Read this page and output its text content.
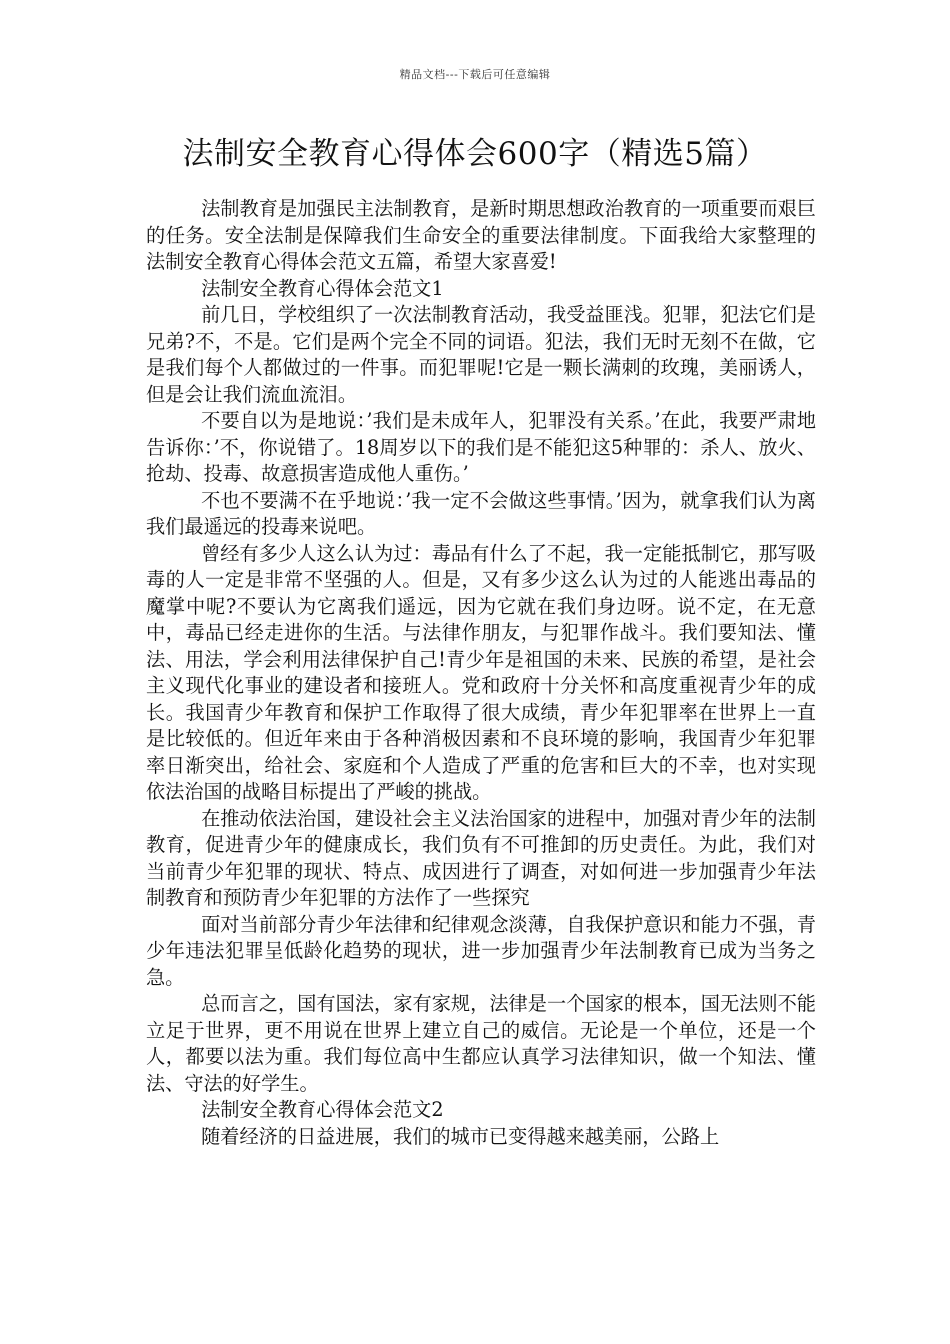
精品文档---下载后可任意编辑
法制安全教育心得体会600字（精选5篇）

法制教育是加强民主法制教育，是新时期思想政治教育的一项重要而艰巨的任务。安全法制是保障我们生命安全的重要法律制度。下面我给大家整理的法制安全教育心得体会范文五篇，希望大家喜爱!

法制安全教育心得体会范文1

前几日，学校组织了一次法制教育活动，我受益匪浅。犯罪，犯法它们是兄弟?不，不是。它们是两个完全不同的词语。犯法，我们无时无刻不在做，它是我们每个人都做过的一件事。而犯罪呢!它是一颗长满刺的玫瑰，美丽诱人，但是会让我们流血流泪。

不要自以为是地说：’我们是未成年人，犯罪没有关系。’在此，我要严肃地告诉你：’不，你说错了。18周岁以下的我们是不能犯这5种罪的：杀人、放火、抢劫、投毒、故意损害造成他人重伤。’

不也不要满不在乎地说：’我一定不会做这些事情。’因为，就拿我们认为离我们最遥远的投毒来说吧。

曾经有多少人这么认为过：毒品有什么了不起，我一定能抵制它，那写吸毒的人一定是非常不坚强的人。但是，又有多少这么认为过的人能逃出毒品的魔掌中呢?不要认为它离我们遥远，因为它就在我们身边呀。说不定，在无意中，毒品已经走进你的生活。与法律作朋友，与犯罪作战斗。我们要知法、懂法、用法，学会利用法律保护自己!青少年是祖国的未来、民族的希望，是社会主义现代化事业的建设者和接班人。党和政府十分关怀和高度重视青少年的成长。我国青少年教育和保护工作取得了很大成绩，青少年犯罪率在世界上一直是比较低的。但近年来由于各种消极因素和不良环境的影响，我国青少年犯罪率日渐突出，给社会、家庭和个人造成了严重的危害和巨大的不幸，也对实现依法治国的战略目标提出了严峻的挑战。

在推动依法治国，建设社会主义法治国家的进程中，加强对青少年的法制教育，促进青少年的健康成长，我们负有不可推卸的历史责任。为此，我们对当前青少年犯罪的现状、特点、成因进行了调查，对如何进一步加强青少年法制教育和预防青少年犯罪的方法作了一些探究

面对当前部分青少年法律和纪律观念淡薄，自我保护意识和能力不强，青少年违法犯罪呈低龄化趋势的现状，进一步加强青少年法制教育已成为当务之急。

总而言之，国有国法，家有家规，法律是一个国家的根本，国无法则不能立足于世界，更不用说在世界上建立自己的威信。无论是一个单位，还是一个人，都要以法为重。我们每位高中生都应认真学习法律知识，做一个知法、懂法、守法的好学生。

法制安全教育心得体会范文2

随着经济的日益进展，我们的城市已变得越来越美丽，公路上
